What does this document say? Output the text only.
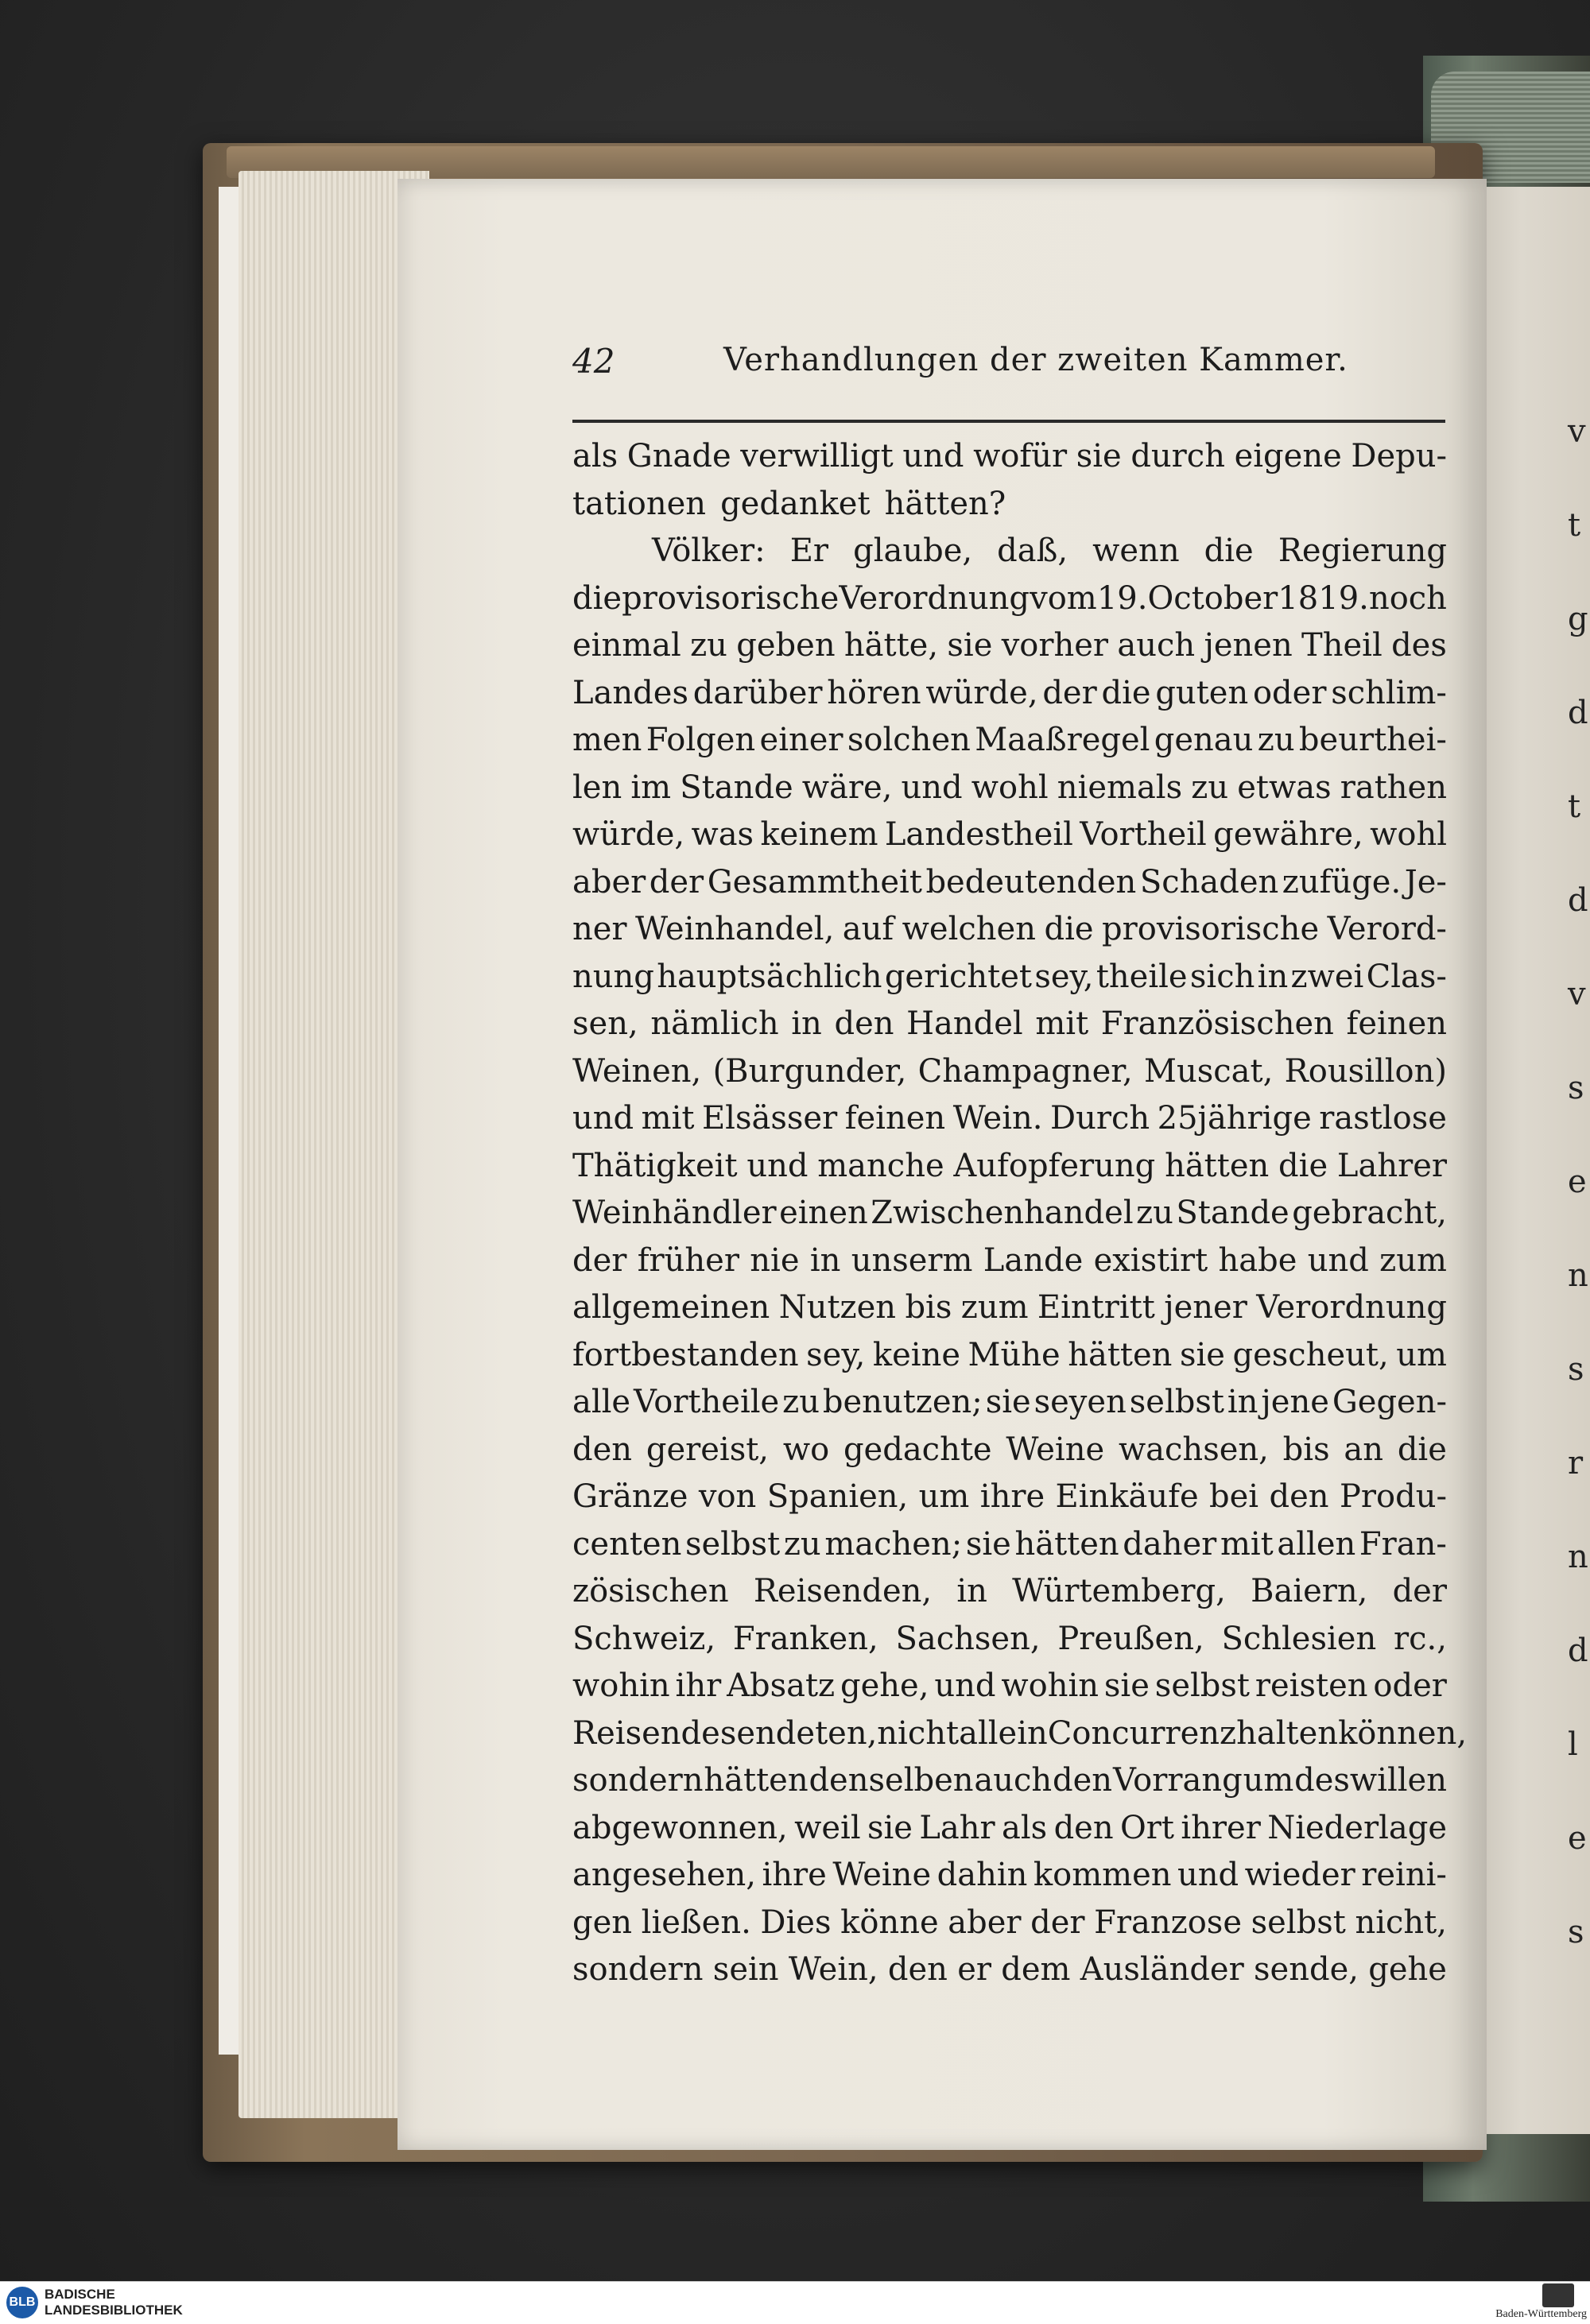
v
t
g
d
t
d
v
s
e
n
s
r
n
d
l
e
s
42	Verhandlungen der zweiten Kammer.
als Gnade verwilligt und wofür sie durch eigene Depu-
tationen gedanket hätten?
Völker: Er glaube, daß, wenn die Regierung
die provisorische Verordnung vom 19. October 1819. noch
einmal zu geben hätte, sie vorher auch jenen Theil des
Landes darüber hören würde, der die guten oder schlim-
men Folgen einer solchen Maaßregel genau zu beurthei-
len im Stande wäre, und wohl niemals zu etwas rathen
würde, was keinem Landestheil Vortheil gewähre, wohl
aber der Gesammtheit bedeutenden Schaden zufüge. Je-
ner Weinhandel, auf welchen die provisorische Verord-
nung hauptsächlich gerichtet sey, theile sich in zwei Clas-
sen, nämlich in den Handel mit Französischen feinen
Weinen, (Burgunder, Champagner, Muscat, Rousillon)
und mit Elsässer feinen Wein. Durch 25jährige rastlose
Thätigkeit und manche Aufopferung hätten die Lahrer
Weinhändler einen Zwischenhandel zu Stande gebracht,
der früher nie in unserm Lande existirt habe und zum
allgemeinen Nutzen bis zum Eintritt jener Verordnung
fortbestanden sey, keine Mühe hätten sie gescheut, um
alle Vortheile zu benutzen; sie seyen selbst in jene Gegen-
den gereist, wo gedachte Weine wachsen, bis an die
Gränze von Spanien, um ihre Einkäufe bei den Produ-
centen selbst zu machen; sie hätten daher mit allen Fran-
zösischen Reisenden, in Würtemberg, Baiern, der
Schweiz, Franken, Sachsen, Preußen, Schlesien rc.,
wohin ihr Absatz gehe, und wohin sie selbst reisten oder
Reisende sendeten, nicht allein Concurrenz halten können,
sondern hätten denselben auch den Vorrang um deswillen
abgewonnen, weil sie Lahr als den Ort ihrer Niederlage
angesehen, ihre Weine dahin kommen und wieder reini-
gen ließen. Dies könne aber der Franzose selbst nicht,
sondern sein Wein, den er dem Ausländer sende, gehe
BLB
BADISCHE
LANDESBIBLIOTHEK	Baden-Württemberg
